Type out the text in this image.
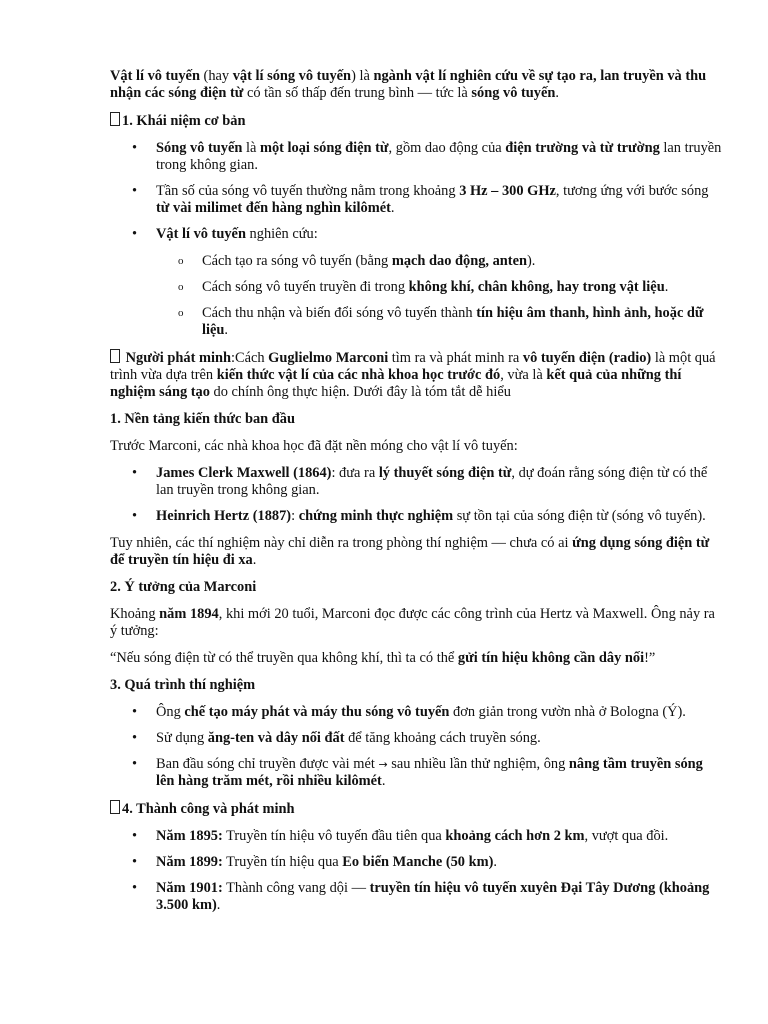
Vật lí vô tuyến (hay vật lí sóng vô tuyến) là ngành vật lí nghiên cứu về sự tạo ra, lan truyền và thu nhận các sóng điện từ có tần số thấp đến trung bình — tức là sóng vô tuyến.

1. Khái niệm cơ bản
• Sóng vô tuyến là một loại sóng điện từ, gồm dao động của điện trường và từ trường lan truyền trong không gian.
• Tần số của sóng vô tuyến thường nằm trong khoảng 3 Hz – 300 GHz, tương ứng với bước sóng từ vài milimet đến hàng nghìn kilômét.
• Vật lí vô tuyến nghiên cứu:
o Cách tạo ra sóng vô tuyến (bằng mạch dao động, anten).
o Cách sóng vô tuyến truyền đi trong không khí, chân không, hay trong vật liệu.
o Cách thu nhận và biến đổi sóng vô tuyến thành tín hiệu âm thanh, hình ảnh, hoặc dữ liệu.

Người phát minh:Cách Guglielmo Marconi tìm ra và phát minh ra vô tuyến điện (radio) là một quá trình vừa dựa trên kiến thức vật lí của các nhà khoa học trước đó, vừa là kết quả của những thí nghiệm sáng tạo do chính ông thực hiện. Dưới đây là tóm tắt dễ hiểu

1. Nền tảng kiến thức ban đầu

Trước Marconi, các nhà khoa học đã đặt nền móng cho vật lí vô tuyến:

• James Clerk Maxwell (1864): đưa ra lý thuyết sóng điện từ, dự đoán rằng sóng điện từ có thể lan truyền trong không gian.
• Heinrich Hertz (1887): chứng minh thực nghiệm sự tồn tại của sóng điện từ (sóng vô tuyến).

Tuy nhiên, các thí nghiệm này chỉ diễn ra trong phòng thí nghiệm — chưa có ai ứng dụng sóng điện từ để truyền tín hiệu đi xa.

2. Ý tưởng của Marconi

Khoảng năm 1894, khi mới 20 tuổi, Marconi đọc được các công trình của Hertz và Maxwell. Ông nảy ra ý tưởng:

“Nếu sóng điện từ có thể truyền qua không khí, thì ta có thể gửi tín hiệu không cần dây nối!”

3. Quá trình thí nghiệm
• Ông chế tạo máy phát và máy thu sóng vô tuyến đơn giản trong vườn nhà ở Bologna (Ý).
• Sử dụng ăng-ten và dây nối đất để tăng khoảng cách truyền sóng.
• Ban đầu sóng chỉ truyền được vài mét → sau nhiều lần thử nghiệm, ông nâng tầm truyền sóng lên hàng trăm mét, rồi nhiều kilômét.
4. Thành công và phát minh
• Năm 1895: Truyền tín hiệu vô tuyến đầu tiên qua khoảng cách hơn 2 km, vượt qua đồi.
• Năm 1899: Truyền tín hiệu qua Eo biển Manche (50 km).
• Năm 1901: Thành công vang dội — truyền tín hiệu vô tuyến xuyên Đại Tây Dương (khoảng 3.500 km).
